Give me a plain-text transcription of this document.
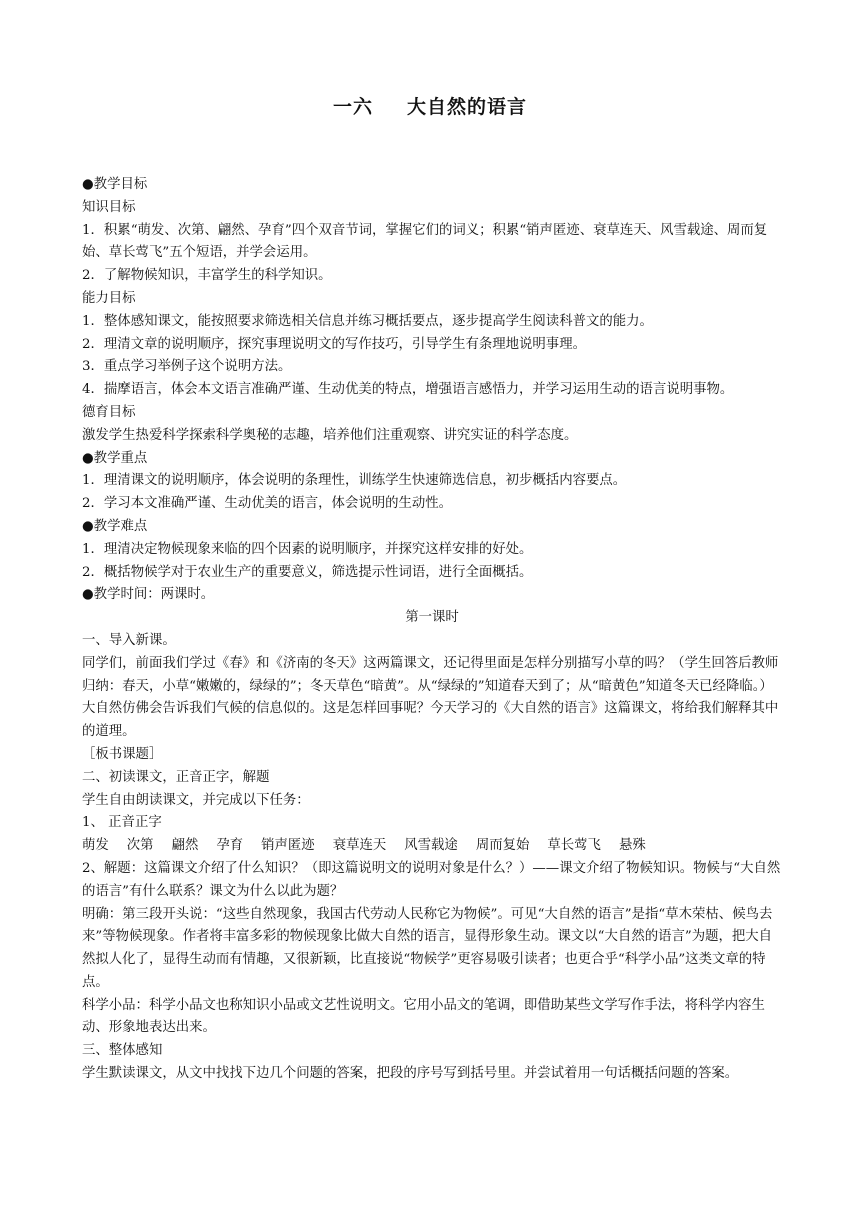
一六 大自然的语言

●教学目标

知识目标

1．积累“萌发、次第、翩然、孕育”四个双音节词，掌握它们的词义；积累“销声匿迹、衰草连天、风雪载途、周而复始、草长莺飞”五个短语，并学会运用。

2．了解物候知识，丰富学生的科学知识。

能力目标

1．整体感知课文，能按照要求筛选相关信息并练习概括要点，逐步提高学生阅读科普文的能力。

2．理清文章的说明顺序，探究事理说明文的写作技巧，引导学生有条理地说明事理。

3．重点学习举例子这个说明方法。

4．揣摩语言，体会本文语言准确严谨、生动优美的特点，增强语言感悟力，并学习运用生动的语言说明事物。

德育目标

激发学生热爱科学探索科学奥秘的志趣，培养他们注重观察、讲究实证的科学态度。

●教学重点

1．理清课文的说明顺序，体会说明的条理性，训练学生快速筛选信息，初步概括内容要点。

2．学习本文准确严谨、生动优美的语言，体会说明的生动性。

●教学难点

1．理清决定物候现象来临的四个因素的说明顺序，并探究这样安排的好处。

2．概括物候学对于农业生产的重要意义，筛选提示性词语，进行全面概括。

●教学时间：两课时。

第一课时

一、导入新课。

同学们，前面我们学过《春》和《济南的冬天》这两篇课文，还记得里面是怎样分别描写小草的吗？（学生回答后教师归纳：春天，小草“嫩嫩的，绿绿的”；冬天草色“暗黄”。从“绿绿的”知道春天到了；从“暗黄色”知道冬天已经降临。）大自然仿佛会告诉我们气候的信息似的。这是怎样回事呢？今天学习的《大自然的语言》这篇课文，将给我们解释其中的道理。

［板书课题］

二、初读课文，正音正字，解题

学生自由朗读课文，并完成以下任务：

1、 正音正字

萌发 次第 翩然 孕育 销声匿迹 衰草连天 风雪载途 周而复始 草长莺飞 悬殊

2、解题：这篇课文介绍了什么知识？（即这篇说明文的说明对象是什么？）——课文介绍了物候知识。物候与“大自然的语言”有什么联系？课文为什么以此为题？

明确：第三段开头说：“这些自然现象，我国古代劳动人民称它为物候”。可见“大自然的语言”是指“草木荣枯、候鸟去来”等物候现象。作者将丰富多彩的物候现象比做大自然的语言，显得形象生动。课文以“大自然的语言”为题，把大自然拟人化了，显得生动而有情趣，又很新颖，比直接说“物候学”更容易吸引读者；也更合乎“科学小品”这类文章的特点。

科学小品：科学小品文也称知识小品或文艺性说明文。它用小品文的笔调，即借助某些文学写作手法，将科学内容生动、形象地表达出来。

三、整体感知

学生默读课文，从文中找找下边几个问题的答案，把段的序号写到括号里。并尝试着用一句话概括问题的答案。
